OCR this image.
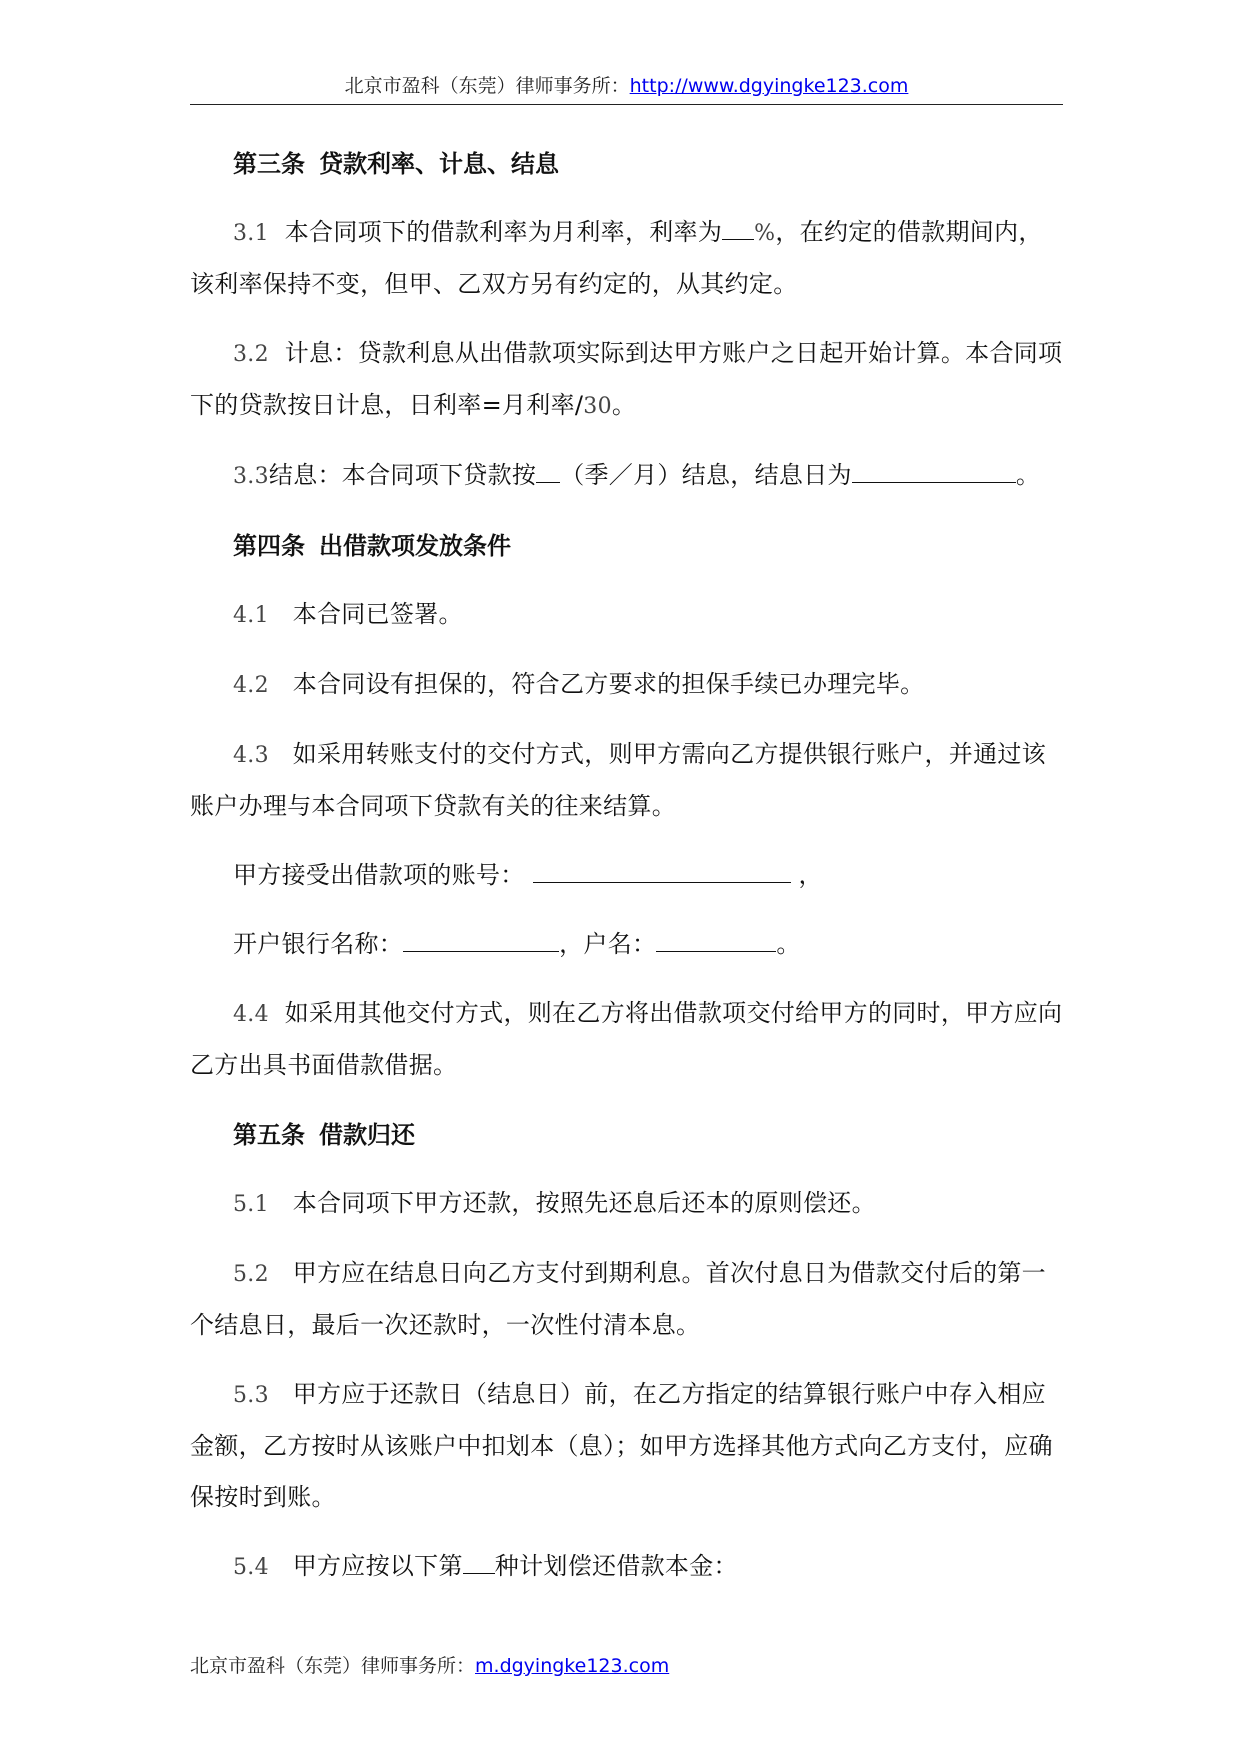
北京市盈科（东莞）律师事务所：http://www.dgyingke123.com
第三条 贷款利率、计息、结息

3.1 本合同项下的借款利率为月利率，利率为 %，在约定的借款期间内，该利率保持不变，但甲、乙双方另有约定的，从其约定。

3.2 计息：贷款利息从出借款项实际到达甲方账户之日起开始计算。本合同项下的贷款按日计息，日利率=月利率/30。

3.3结息：本合同项下贷款按 （季／月）结息，结息日为	。

第四条 出借款项发放条件

4.1 本合同已签署。

4.2 本合同设有担保的，符合乙方要求的担保手续已办理完毕。

4.3 如采用转账支付的交付方式，则甲方需向乙方提供银行账户，并通过该账户办理与本合同项下贷款有关的往来结算。

甲方接受出借款项的账号：	，

开户银行名称：	，户名：	。

4.4 如采用其他交付方式，则在乙方将出借款项交付给甲方的同时，甲方应向乙方出具书面借款借据。

第五条 借款归还

5.1 本合同项下甲方还款，按照先还息后还本的原则偿还。

5.2 甲方应在结息日向乙方支付到期利息。首次付息日为借款交付后的第一个结息日，最后一次还款时，一次性付清本息。

5.3 甲方应于还款日（结息日）前，在乙方指定的结算银行账户中存入相应金额，乙方按时从该账户中扣划本（息）；如甲方选择其他方式向乙方支付，应确保按时到账。

5.4 甲方应按以下第 种计划偿还借款本金：

北京市盈科（东莞）律师事务所：m.dgyingke123.com
